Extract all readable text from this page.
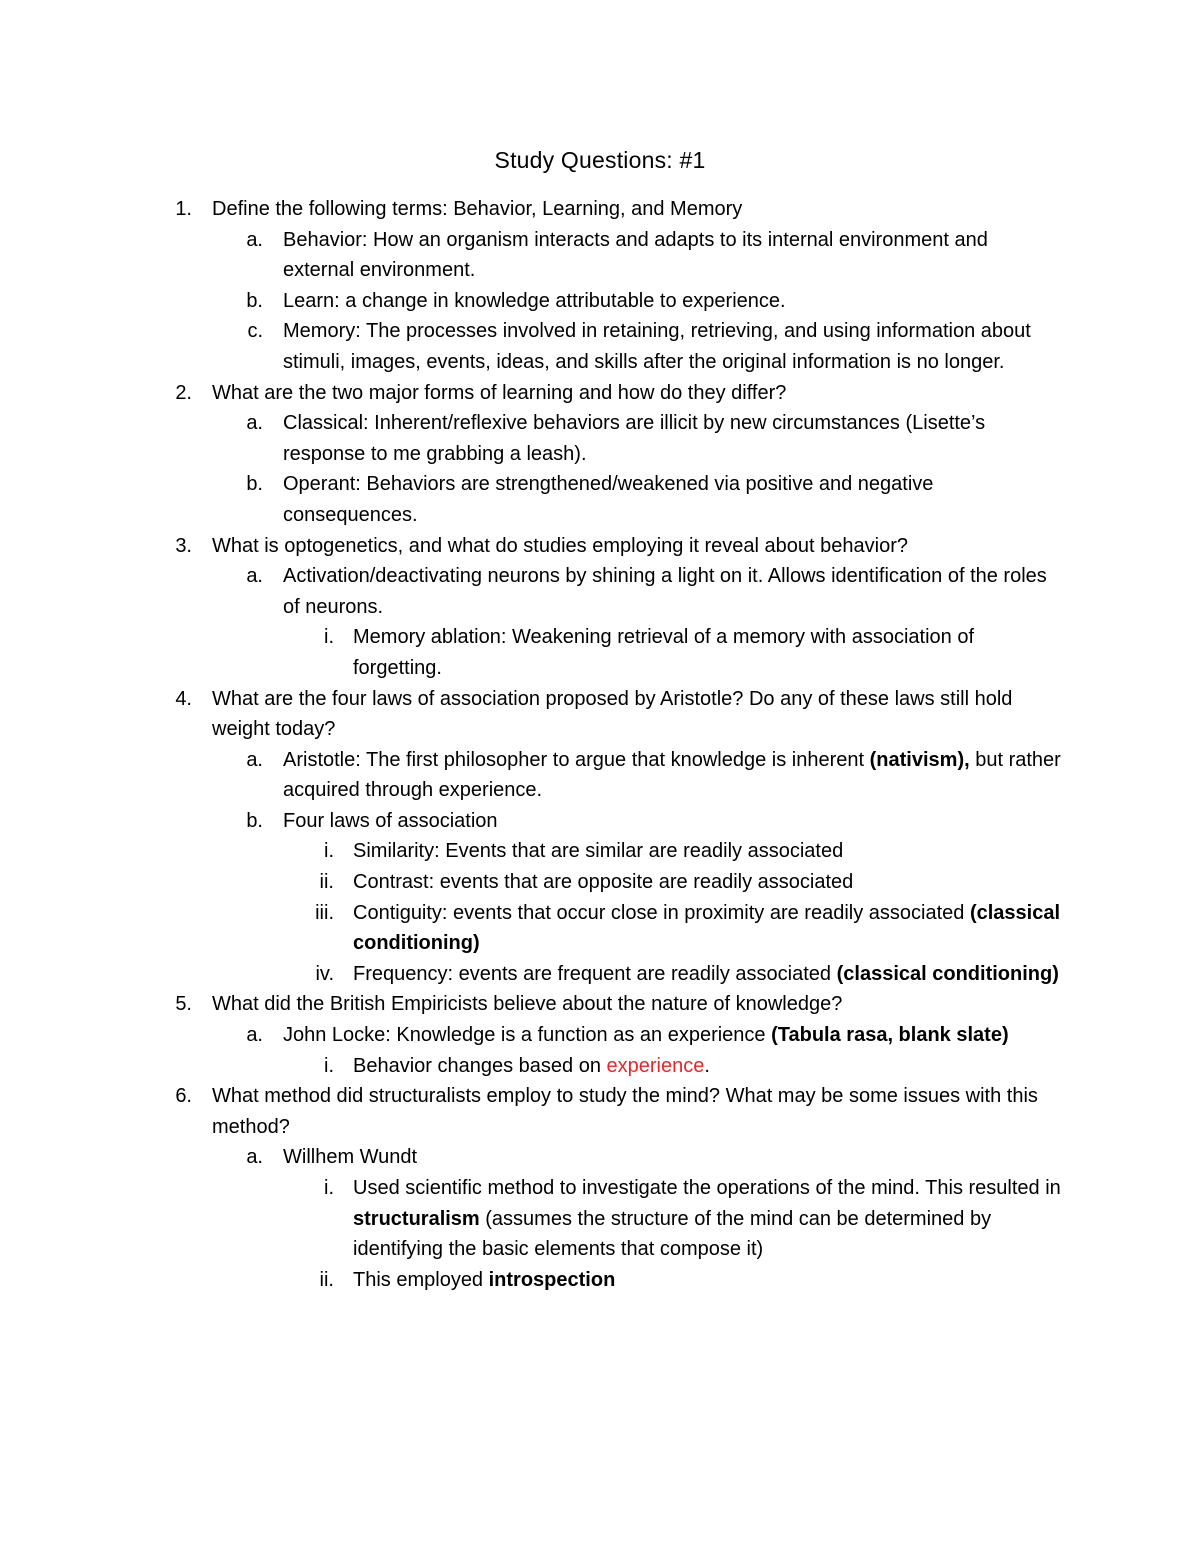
Study Questions: #1
1. Define the following terms: Behavior, Learning, and Memory
a. Behavior: How an organism interacts and adapts to its internal environment and external environment.
b. Learn: a change in knowledge attributable to experience.
c. Memory: The processes involved in retaining, retrieving, and using information about stimuli, images, events, ideas, and skills after the original information is no longer.
2. What are the two major forms of learning and how do they differ?
a. Classical: Inherent/reflexive behaviors are illicit by new circumstances (Lisette’s response to me grabbing a leash).
b. Operant: Behaviors are strengthened/weakened via positive and negative consequences.
3. What is optogenetics, and what do studies employing it reveal about behavior?
a. Activation/deactivating neurons by shining a light on it. Allows identification of the roles of neurons.
i. Memory ablation: Weakening retrieval of a memory with association of forgetting.
4. What are the four laws of association proposed by Aristotle? Do any of these laws still hold weight today?
a. Aristotle: The first philosopher to argue that knowledge is inherent (nativism), but rather acquired through experience.
b. Four laws of association
i. Similarity: Events that are similar are readily associated
ii. Contrast: events that are opposite are readily associated
iii. Contiguity: events that occur close in proximity are readily associated (classical conditioning)
iv. Frequency: events are frequent are readily associated (classical conditioning)
5. What did the British Empiricists believe about the nature of knowledge?
a. John Locke: Knowledge is a function as an experience (Tabula rasa, blank slate)
i. Behavior changes based on experience.
6. What method did structuralists employ to study the mind? What may be some issues with this method?
a. Willhem Wundt
i. Used scientific method to investigate the operations of the mind. This resulted in structuralism (assumes the structure of the mind can be determined by identifying the basic elements that compose it)
ii. This employed introspection
